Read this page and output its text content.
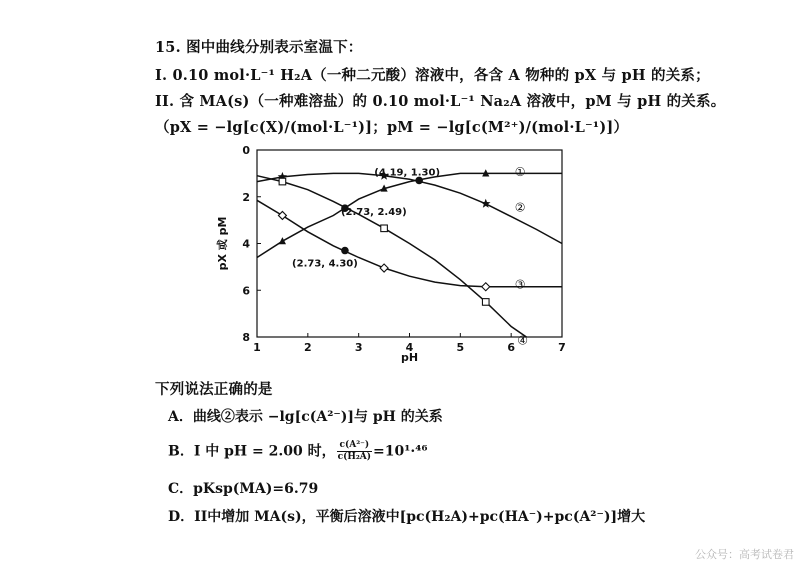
15. 图中曲线分别表示室温下：
I. 0.10 mol·L⁻¹ H₂A（一种二元酸）溶液中，各含 A 物种的 pX 与 pH 的关系；
II. 含 MA(s)（一种难溶盐）的 0.10 mol·L⁻¹ Na₂A 溶液中，pM 与 pH 的关系。
（pX = −lg[c(X)/(mol·L⁻¹)]；pM = −lg[c(M²⁺)/(mol·L⁻¹)]）
1	2	3	4	5	6	7
0
2
4
6
8
pH
pX 或 pM
①
②
③
④
(4.19, 1.30)
(2.73, 2.49)
(2.73, 4.30)
下列说法正确的是
A．曲线②表示 −lg[c(A²⁻)]与 pH 的关系
B．I 中 pH = 2.00 时， $\frac{\text{c(A²⁻)}}{\text{c(H₂A)}} =10^1\cdot^{46}$
C．pKsp(MA)=6.79
D．II中增加 MA(s)，平衡后溶液中[pc(H₂A)+pc(HA⁻)+pc(A²⁻)]增大
公众号：高考试卷君
